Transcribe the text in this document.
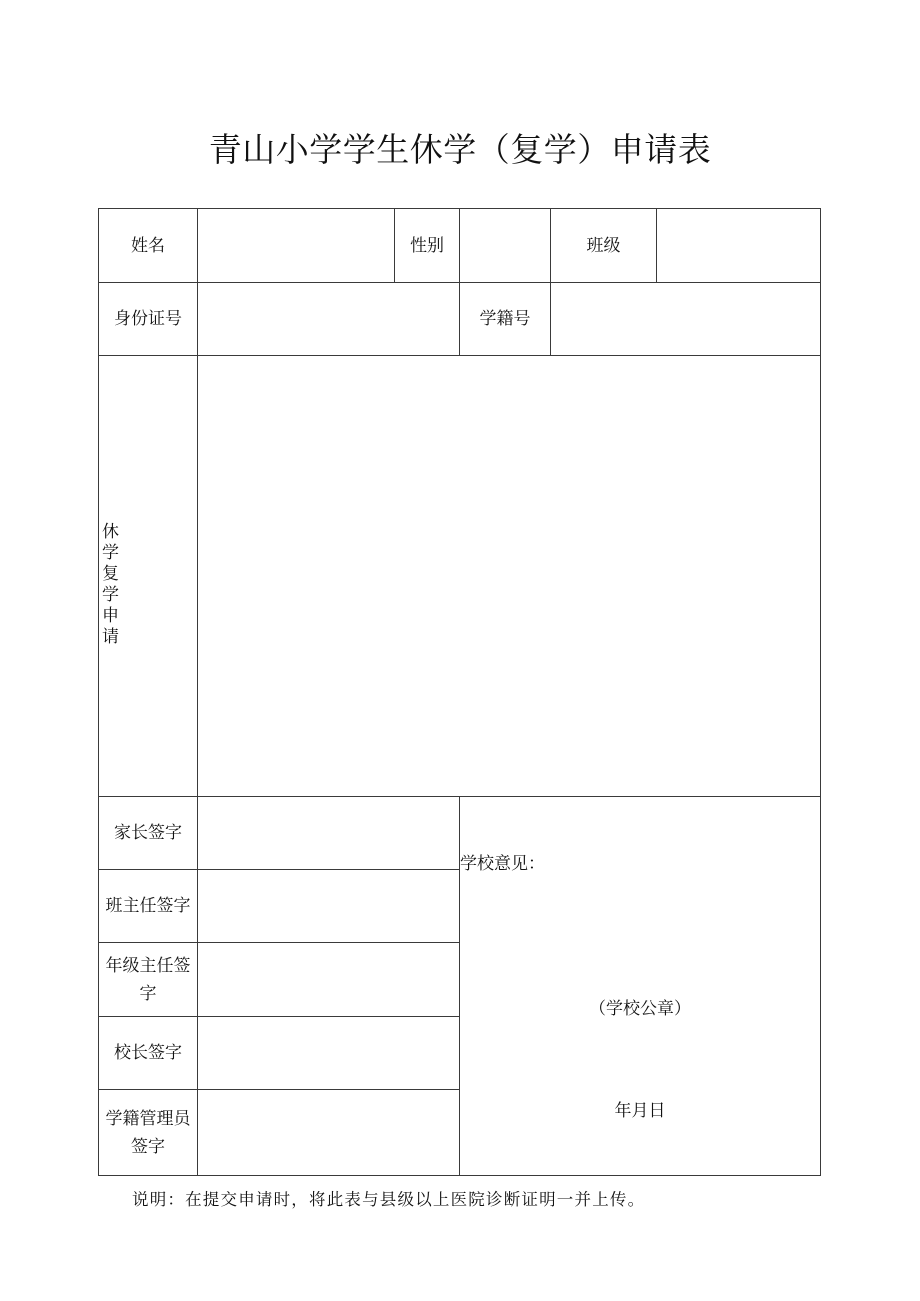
青山小学学生休学（复学）申请表
姓名	性别	班级
身份证号	学籍号
休学复学申请
家长签字
班主任签字
年级主任签字
校长签字
学籍管理员签字
学校意见：
（学校公章）
年月日
说明：在提交申请时，将此表与县级以上医院诊断证明一并上传。
